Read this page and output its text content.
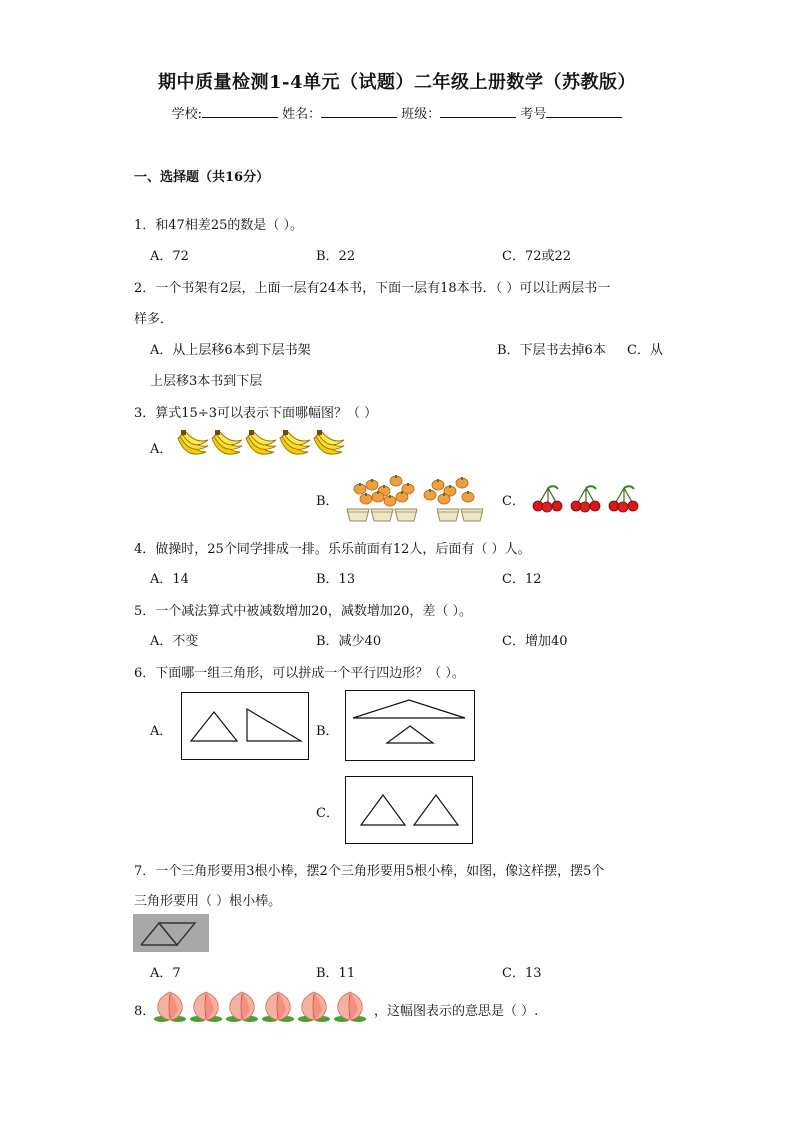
期中质量检测1-4单元（试题）二年级上册数学（苏教版）
学校:	姓名：	班级：	考号
一、选择题（共16分）
1．和47相差25的数是（ ）。
A．72	B．22	C．72或22
2．一个书架有2层，上面一层有24本书，下面一层有18本书．（ ）可以让两层书一
样多．
A．从上层移6本到下层书架	B．下层书去掉6本 C．从
上层移3本书到下层
3．算式15÷3可以表示下面哪幅图？（ ）
A．
B．	C．
4．做操时，25个同学排成一排。乐乐前面有12人，后面有（ ）人。
A．14	B．13	C．12
5．一个减法算式中被减数增加20，减数增加20，差（ ）。
A．不变	B．减少40	C．增加40
6．下面哪一组三角形，可以拼成一个平行四边形？（ ）。
A．	B．
C．
7．一个三角形要用3根小棒，摆2个三角形要用5根小棒，如图，像这样摆，摆5个
三角形要用（ ）根小棒。
A．7	B．11	C．13
8．	，这幅图表示的意思是（ ）.
